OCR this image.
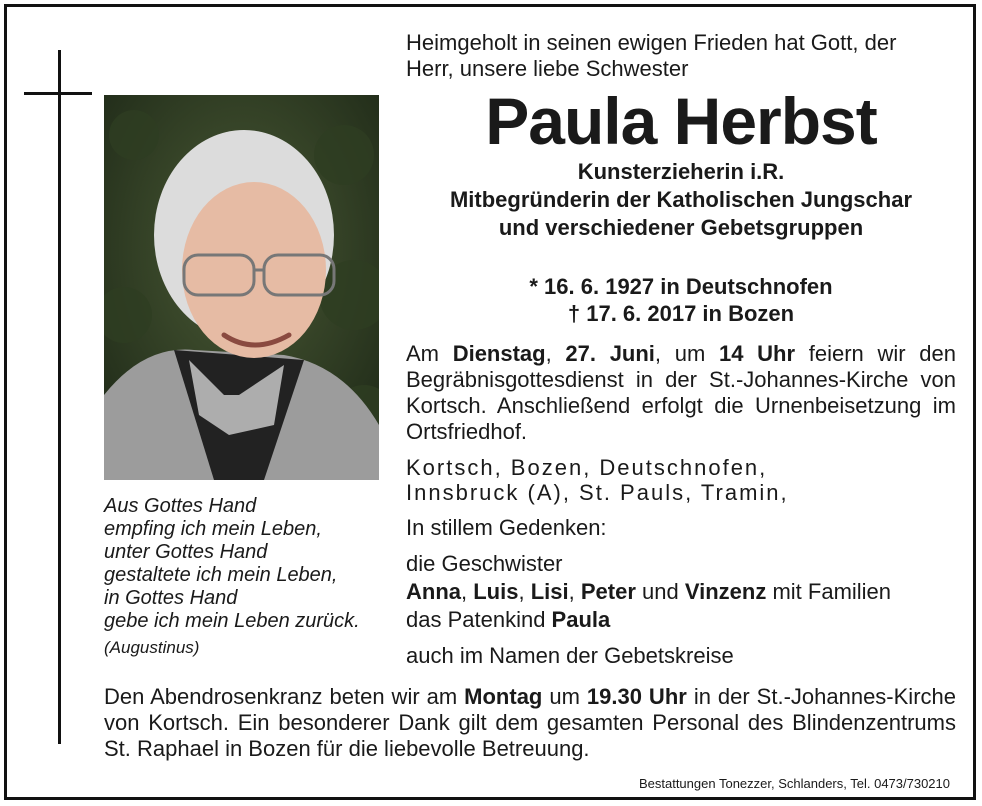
Heimgeholt in seinen ewigen Frieden hat Gott, der
Herr, unsere liebe Schwester
Paula Herbst
Kunsterzieherin i.R.
Mitbegründerin der Katholischen Jungschar
und verschiedener Gebetsgruppen
* 16. 6. 1927 in Deutschnofen
† 17. 6. 2017 in Bozen
Am Dienstag, 27. Juni, um 14 Uhr feiern wir den Begräbnisgottesdienst in der St.-Johannes-Kirche von Kortsch. Anschließend erfolgt die Urnenbeisetzung im Ortsfriedhof.
Kortsch, Bozen, Deutschnofen,
Innsbruck (A), St. Pauls, Tramin,
In stillem Gedenken:
die Geschwister
Anna, Luis, Lisi, Peter und Vinzenz mit Familien
das Patenkind Paula
auch im Namen der Gebetskreise
Aus Gottes Hand
empfing ich mein Leben,
unter Gottes Hand
gestaltete ich mein Leben,
in Gottes Hand
gebe ich mein Leben zurück.
(Augustinus)
Den Abendrosenkranz beten wir am Montag um 19.30 Uhr in der St.-Johannes-Kirche von Kortsch. Ein besonderer Dank gilt dem gesamten Personal des Blindenzentrums St. Raphael in Bozen für die liebevolle Betreuung.
Bestattungen Tonezzer, Schlanders, Tel. 0473/730210
